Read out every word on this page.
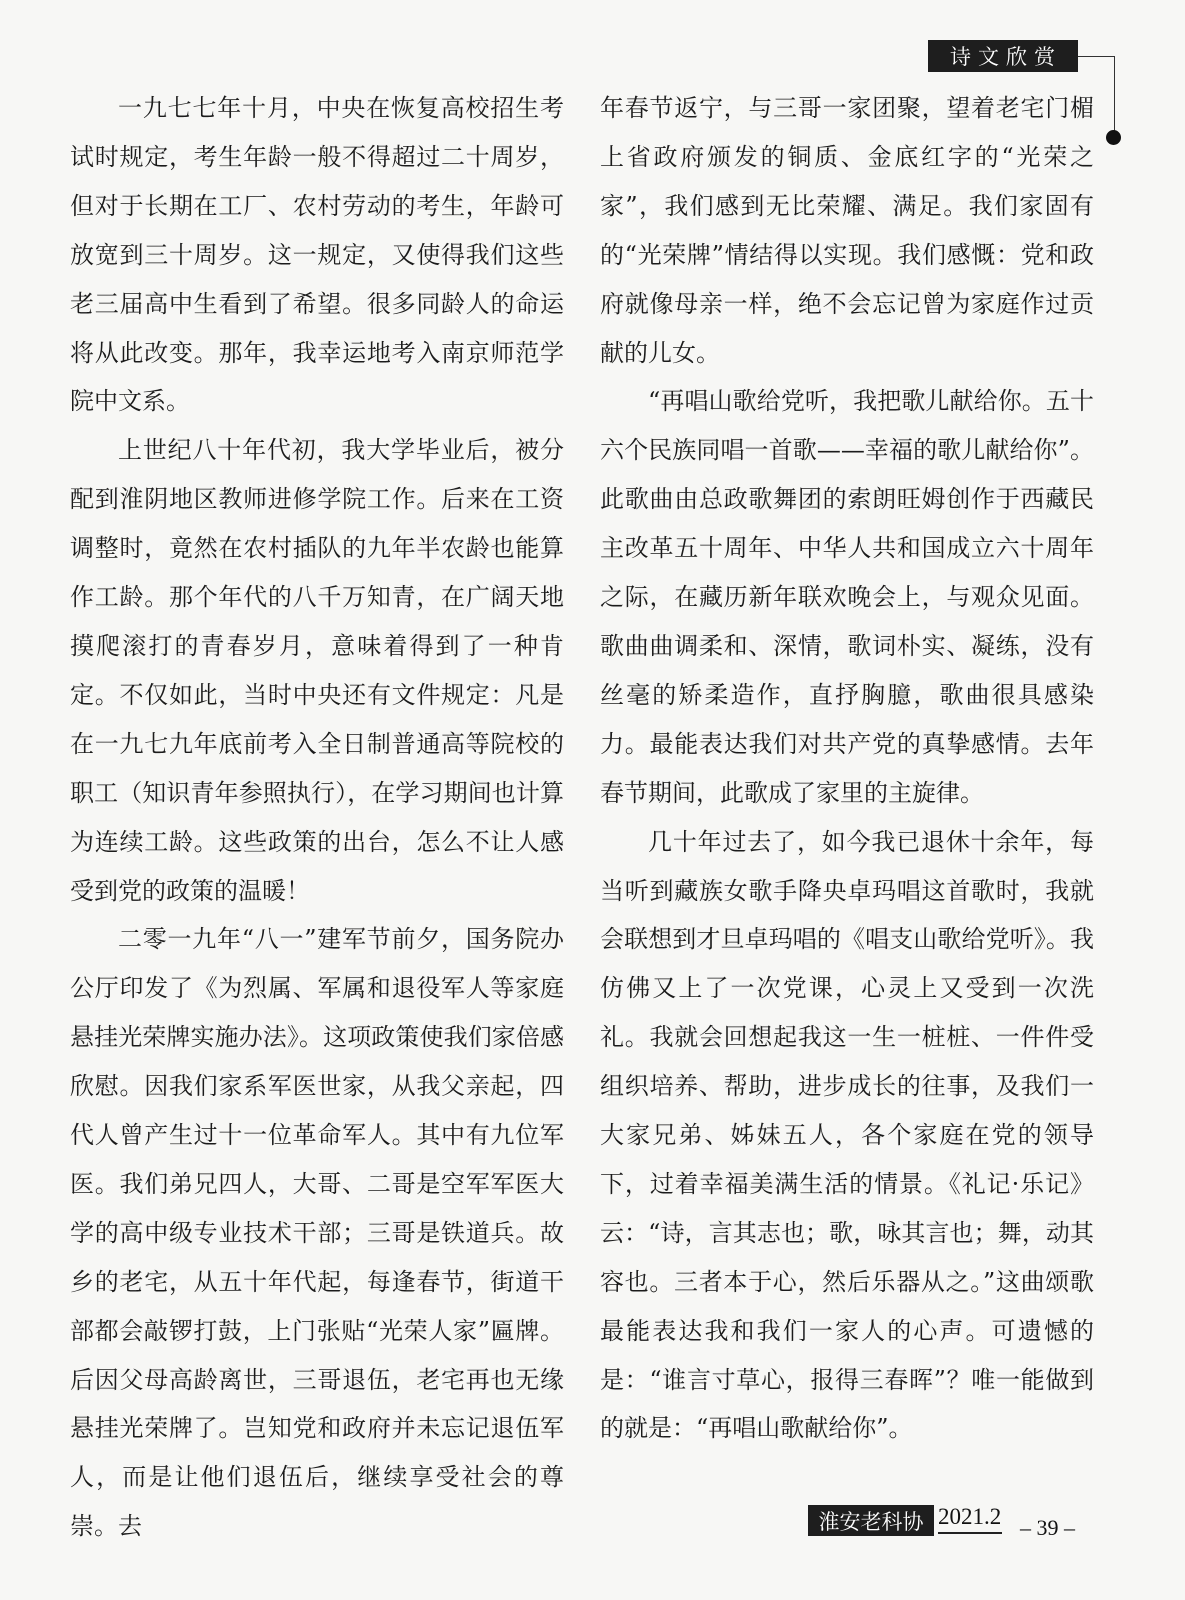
诗文欣赏

一九七七年十月，中央在恢复高校招生考试时规定，考生年龄一般不得超过二十周岁，但对于长期在工厂、农村劳动的考生，年龄可放宽到三十周岁。这一规定，又使得我们这些老三届高中生看到了希望。很多同龄人的命运将从此改变。那年，我幸运地考入南京师范学院中文系。

上世纪八十年代初，我大学毕业后，被分配到淮阴地区教师进修学院工作。后来在工资调整时，竟然在农村插队的九年半农龄也能算作工龄。那个年代的八千万知青，在广阔天地摸爬滚打的青春岁月，意味着得到了一种肯定。不仅如此，当时中央还有文件规定：凡是在一九七九年底前考入全日制普通高等院校的职工（知识青年参照执行），在学习期间也计算为连续工龄。这些政策的出台，怎么不让人感受到党的政策的温暖！

二零一九年“八一”建军节前夕，国务院办公厅印发了《为烈属、军属和退役军人等家庭悬挂光荣牌实施办法》。这项政策使我们家倍感欣慰。因我们家系军医世家，从我父亲起，四代人曾产生过十一位革命军人。其中有九位军医。我们弟兄四人，大哥、二哥是空军军医大学的高中级专业技术干部；三哥是铁道兵。故乡的老宅，从五十年代起，每逢春节，街道干部都会敲锣打鼓，上门张贴“光荣人家”匾牌。后因父母高龄离世，三哥退伍，老宅再也无缘悬挂光荣牌了。岂知党和政府并未忘记退伍军人，而是让他们退伍后，继续享受社会的尊崇。去

年春节返宁，与三哥一家团聚，望着老宅门楣上省政府颁发的铜质、金底红字的“光荣之家”，我们感到无比荣耀、满足。我们家固有的“光荣牌”情结得以实现。我们感慨：党和政府就像母亲一样，绝不会忘记曾为家庭作过贡献的儿女。

“再唱山歌给党听，我把歌儿献给你。五十六个民族同唱一首歌——幸福的歌儿献给你”。此歌曲由总政歌舞团的索朗旺姆创作于西藏民主改革五十周年、中华人共和国成立六十周年之际，在藏历新年联欢晚会上，与观众见面。歌曲曲调柔和、深情，歌词朴实、凝练，没有丝毫的矫柔造作，直抒胸臆，歌曲很具感染力。最能表达我们对共产党的真挚感情。去年春节期间，此歌成了家里的主旋律。

几十年过去了，如今我已退休十余年，每当听到藏族女歌手降央卓玛唱这首歌时，我就会联想到才旦卓玛唱的《唱支山歌给党听》。我仿佛又上了一次党课，心灵上又受到一次洗礼。我就会回想起我这一生一桩桩、一件件受组织培养、帮助，进步成长的往事，及我们一大家兄弟、姊妹五人，各个家庭在党的领导下，过着幸福美满生活的情景。《礼记·乐记》云：“诗，言其志也；歌，咏其言也；舞，动其容也。三者本于心，然后乐器从之。”这曲颂歌最能表达我和我们一家人的心声。可遗憾的是：“谁言寸草心，报得三春晖”？唯一能做到的就是：“再唱山歌献给你”。

淮安老科协 2021.2 – 39 –
